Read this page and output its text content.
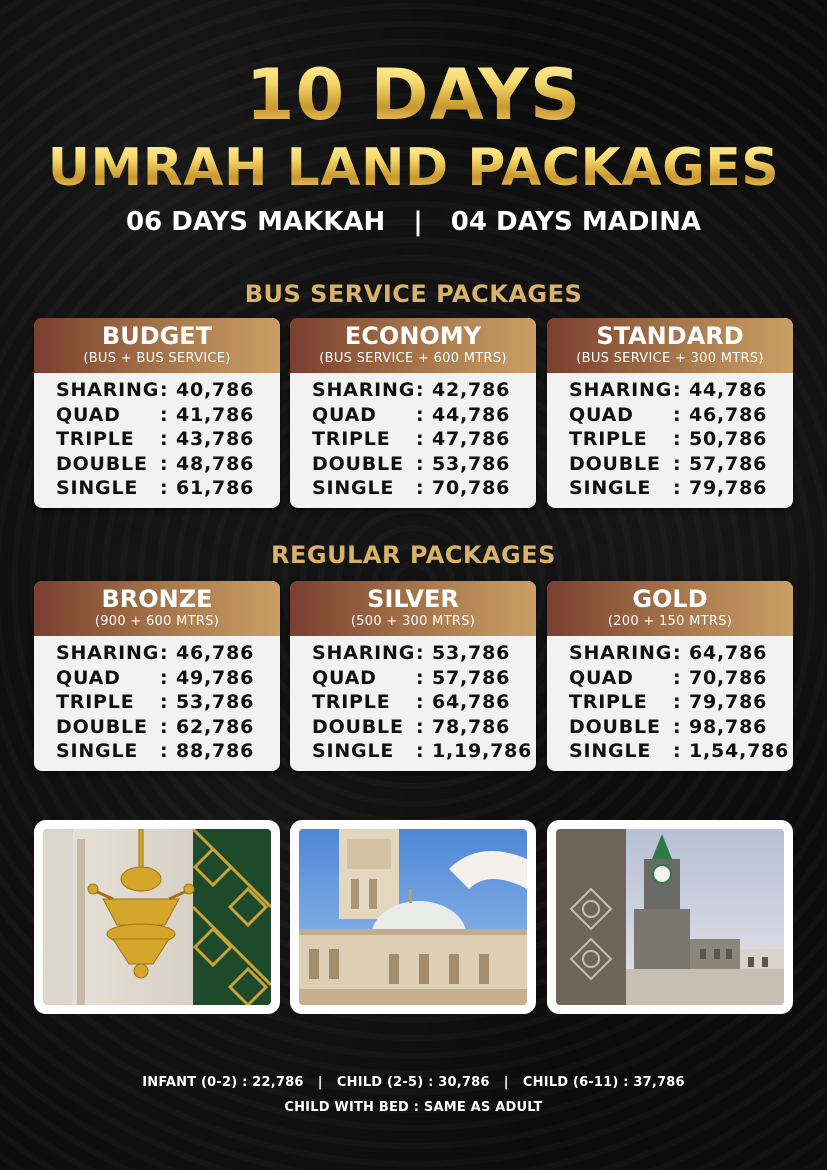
10 DAYS
UMRAH LAND PACKAGES
06 DAYS MAKKAH | 04 DAYS MADINA
BUS SERVICE PACKAGES
BUDGET
(BUS + BUS SERVICE)
SHARING : 40,786
QUAD	: 41,786
TRIPLE	: 43,786
DOUBLE : 48,786
SINGLE	: 61,786
ECONOMY
(BUS SERVICE + 600 MTRS)
SHARING : 42,786
QUAD	: 44,786
TRIPLE	: 47,786
DOUBLE : 53,786
SINGLE	: 70,786
STANDARD
(BUS SERVICE + 300 MTRS)
SHARING : 44,786
QUAD	: 46,786
TRIPLE	: 50,786
DOUBLE : 57,786
SINGLE	: 79,786
REGULAR PACKAGES
BRONZE
(900 + 600 MTRS)
SHARING : 46,786
QUAD	: 49,786
TRIPLE	: 53,786
DOUBLE : 62,786
SINGLE	: 88,786
SILVER
(500 + 300 MTRS)
SHARING : 53,786
QUAD	: 57,786
TRIPLE	: 64,786
DOUBLE : 78,786
SINGLE	: 1,19,786
GOLD
(200 + 150 MTRS)
SHARING : 64,786
QUAD	: 70,786
TRIPLE	: 79,786
DOUBLE : 98,786
SINGLE	: 1,54,786
INFANT (0-2) : 22,786   |   CHILD (2-5) : 30,786   |   CHILD (6-11) : 37,786
CHILD WITH BED : SAME AS ADULT
